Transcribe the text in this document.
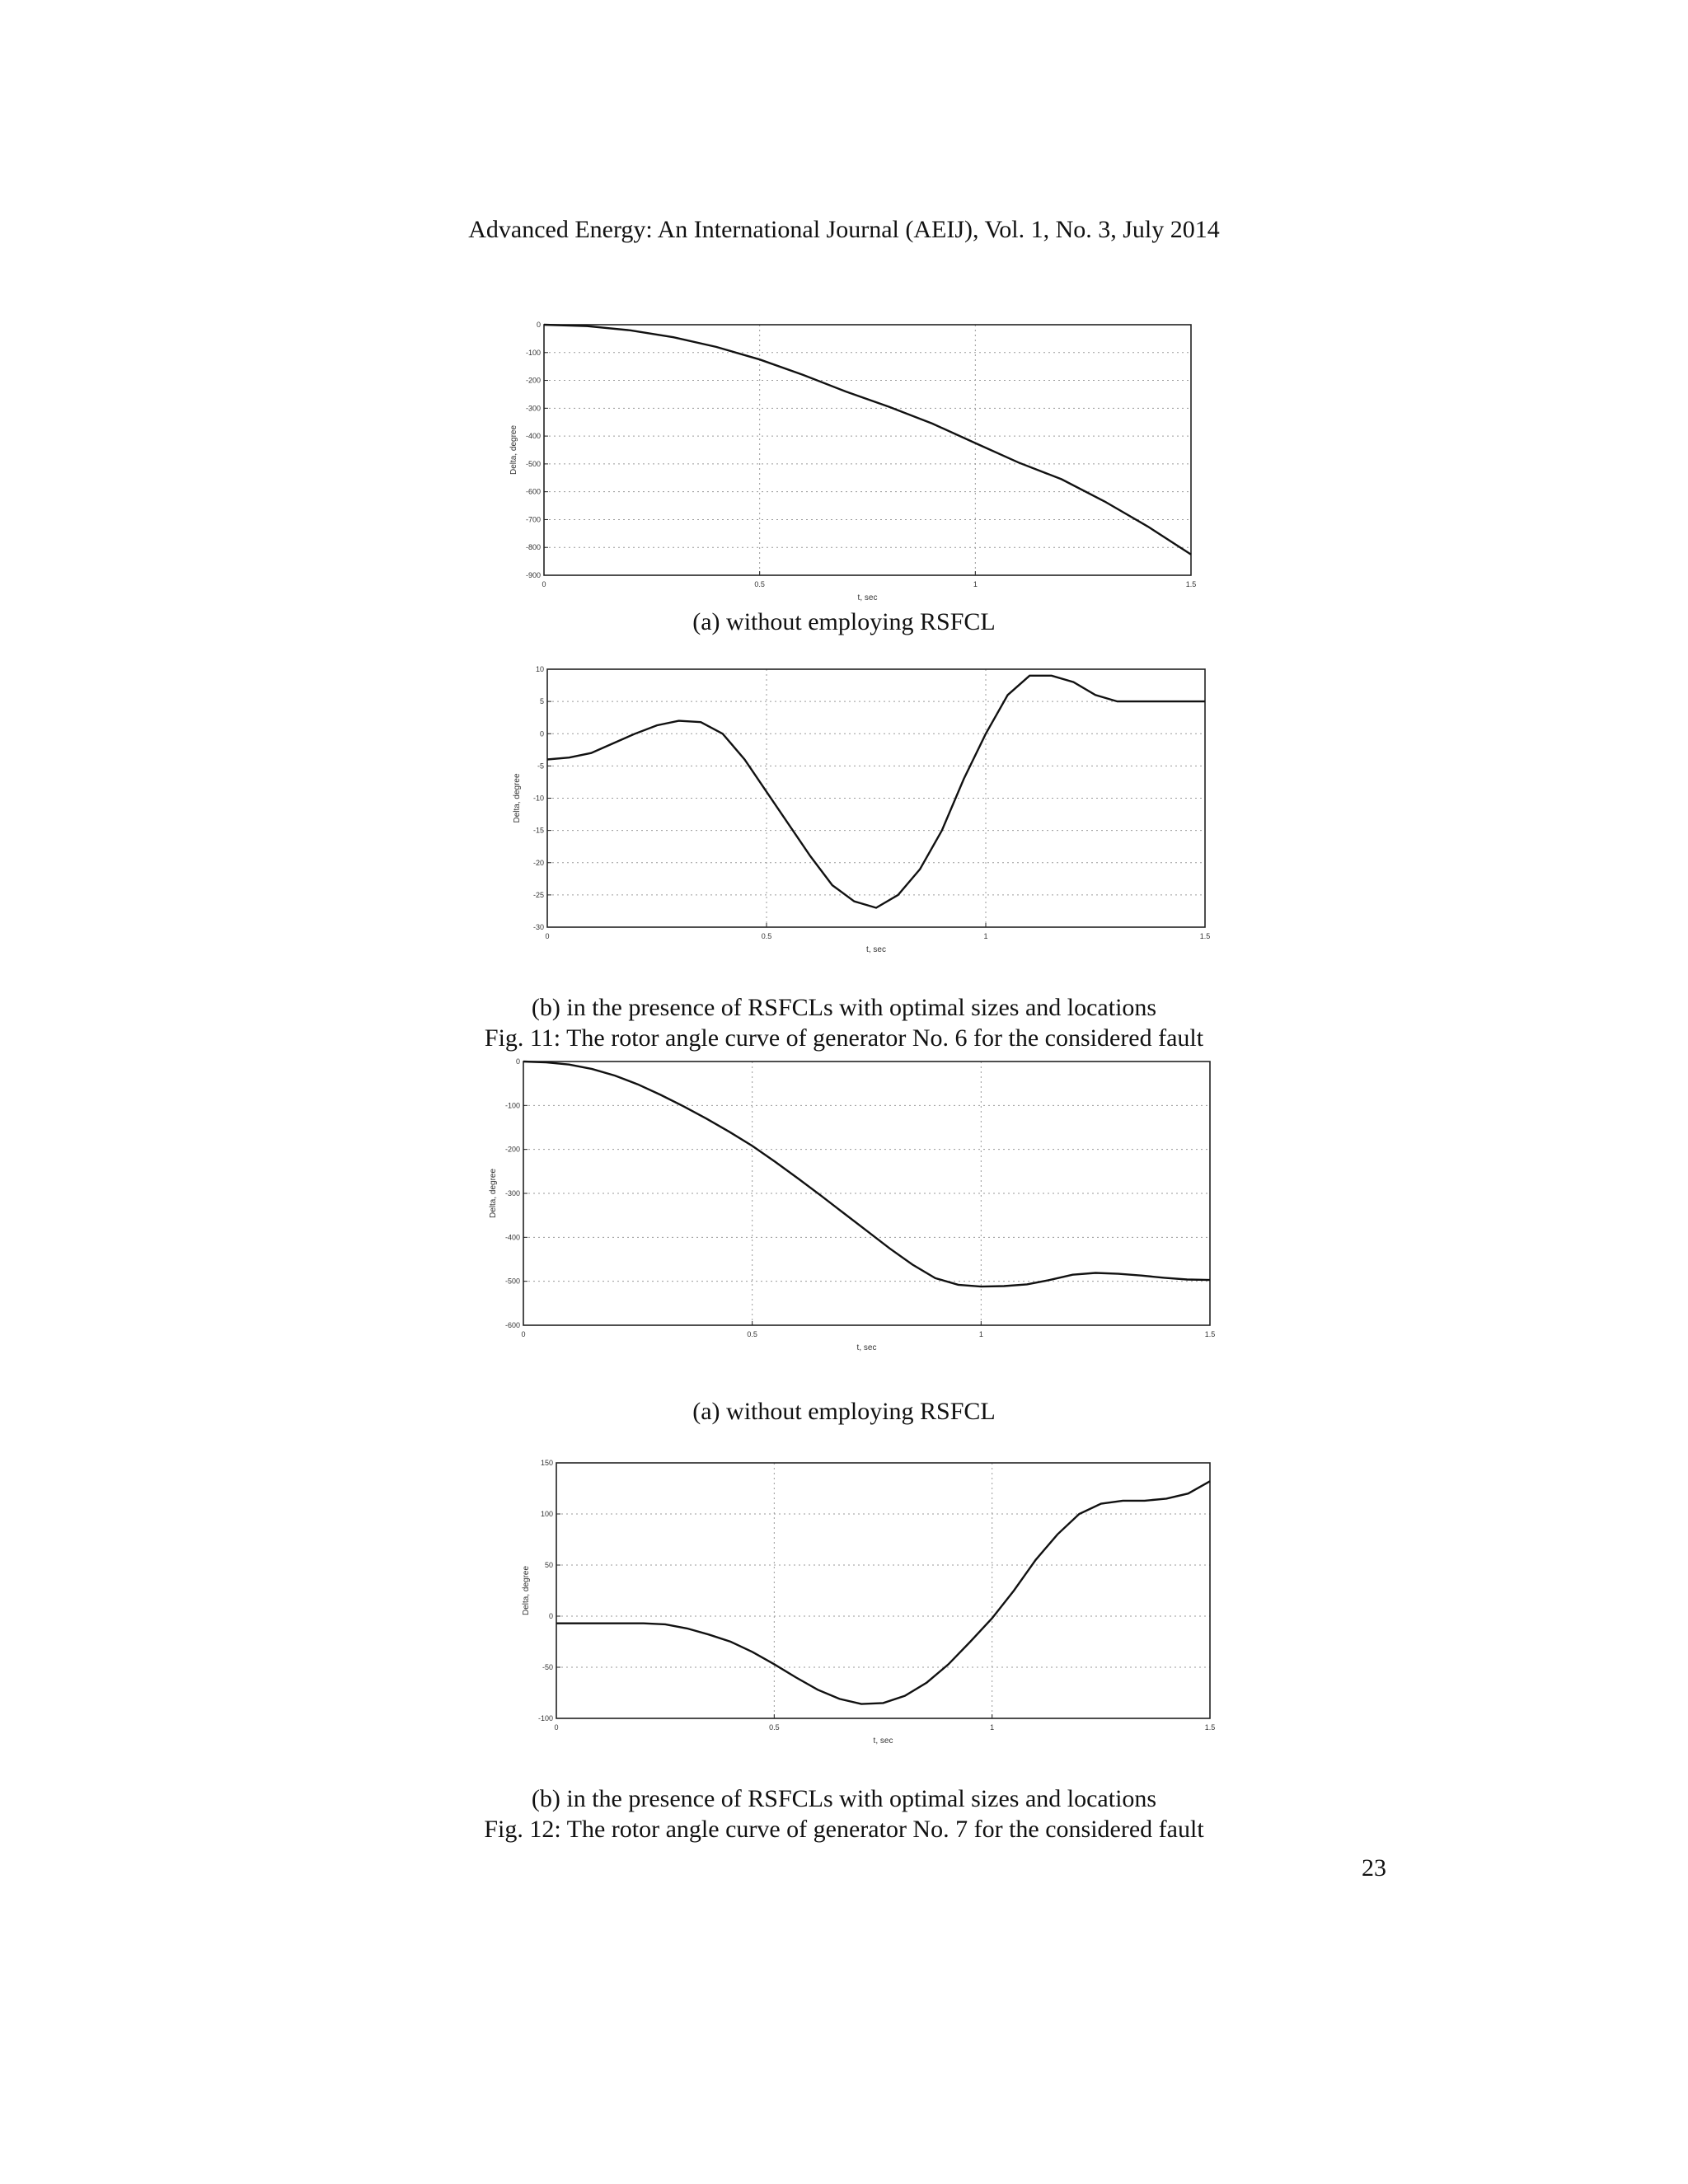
Advanced Energy: An International Journal (AEIJ), Vol. 1, No. 3, July 2014
0	0.5	1	1.5
0
-100
-200
-300
-400
-500
-600
-700
-800
-900
t, sec
Delta, degree
(a) without employing RSFCL
0	0.5	1	1.5
10
5
0
-5
-10
-15
-20
-25
-30
t, sec
Delta, degree
(b) in the presence of RSFCLs with optimal sizes and locations
Fig. 11: The rotor angle curve of generator No. 6 for the considered fault
0	0.5	1	1.5
0
-100
-200
-300
-400
-500
-600
t, sec
Delta, degree
(a) without employing RSFCL
0	0.5	1	1.5
150
100
50
0
-50
-100
t, sec
Delta, degree
(b) in the presence of RSFCLs with optimal sizes and locations
Fig. 12: The rotor angle curve of generator No. 7 for the considered fault
23
